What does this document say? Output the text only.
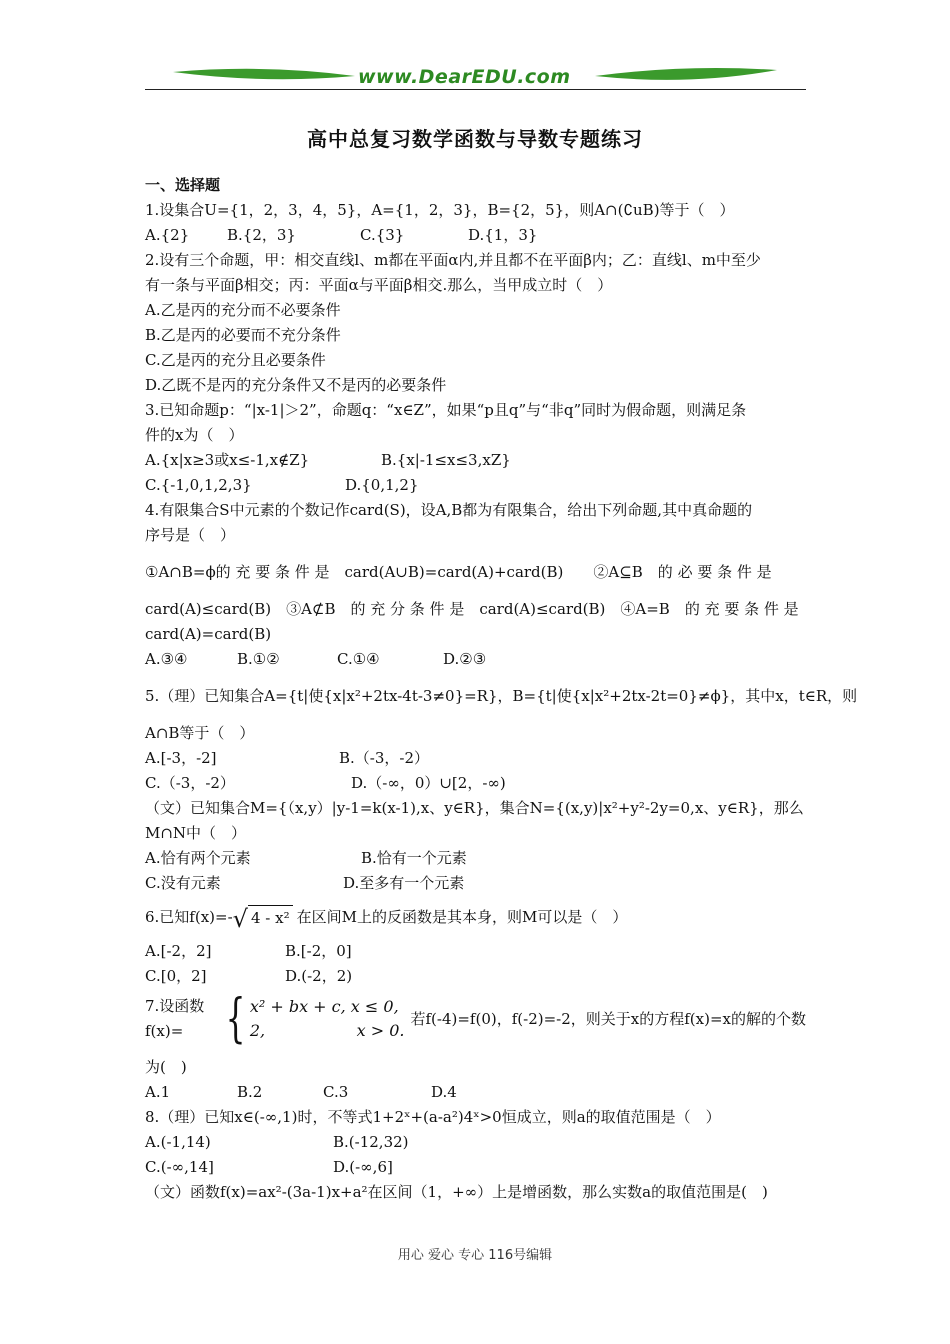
www.DearEDU.com
高中总复习数学函数与导数专题练习
一、选择题
1.设集合U={1，2，3，4，5}，A={1，2，3}，B={2，5}，则A∩(∁uB)等于（　）
A.{2}	B.{2，3}	C.{3}	D.{1，3}
2.设有三个命题，甲：相交直线l、m都在平面α内,并且都不在平面β内；乙：直线l、m中至少
有一条与平面β相交；丙：平面α与平面β相交.那么，当甲成立时（　）
A.乙是丙的充分而不必要条件
B.乙是丙的必要而不充分条件
C.乙是丙的充分且必要条件
D.乙既不是丙的充分条件又不是丙的必要条件
3.已知命题p：“|x-1|＞2”，命题q：“x∈Z”，如果“p且q”与“非q”同时为假命题，则满足条
件的x为（　）
A.{x|x≥3或x≤-1,x∉Z}	B.{x|-1≤x≤3,xZ}
C.{-1,0,1,2,3}	D.{0,1,2}
4.有限集合S中元素的个数记作card(S)，设A,B都为有限集合，给出下列命题,其中真命题的
序号是（　）
①A∩B=ϕ的 充 要 条 件 是　card(A∪B)=card(A)+card(B)　　②A⊆B　的 必 要 条 件 是
card(A)≤card(B)　③A⊄B　的 充 分 条 件 是　card(A)≤card(B)　④A=B　的 充 要 条 件 是
card(A)=card(B)
A.③④	B.①②	C.①④	D.②③
5.（理）已知集合A={t|使{x|x²+2tx-4t-3≠0}=R}，B={t|使{x|x²+2tx-2t=0}≠ϕ}，其中x，t∈R，则
A∩B等于（　）
A.[-3，-2]	B.（-3，-2）
C.（-3，-2）	D.（-∞，0）∪[2，-∞)
（文）已知集合M={（x,y）|y-1=k(x-1),x、y∈R}，集合N={(x,y)|x²+y²-2y=0,x、y∈R}，那么
M∩N中（　）
A.恰有两个元素	B.恰有一个元素
C.没有元素	D.至多有一个元素
6.已知f(x)=- √ 4 - x² 在区间M上的反函数是其本身，则M可以是（　）
A.[-2，2]	B.[-2，0]
C.[0，2]	D.(-2，2)
7.设函数f(x)= { x² + bx + c, x ≤ 0,
2,                  x > 0.
若f(-4)=f(0)，f(-2)=-2，则关于x的方程f(x)=x的解的个数
为(　)
A.1	B.2	C.3	D.4
8.（理）已知x∈(-∞,1)时，不等式1+2ˣ+(a-a²)4ˣ>0恒成立，则a的取值范围是（　）
A.(-1,14)	B.(-12,32)
C.(-∞,14]	D.(-∞,6]
（文）函数f(x)=ax²-(3a-1)x+a²在区间（1，+∞）上是增函数，那么实数a的取值范围是(　)
用心 爱心 专心 116号编辑
